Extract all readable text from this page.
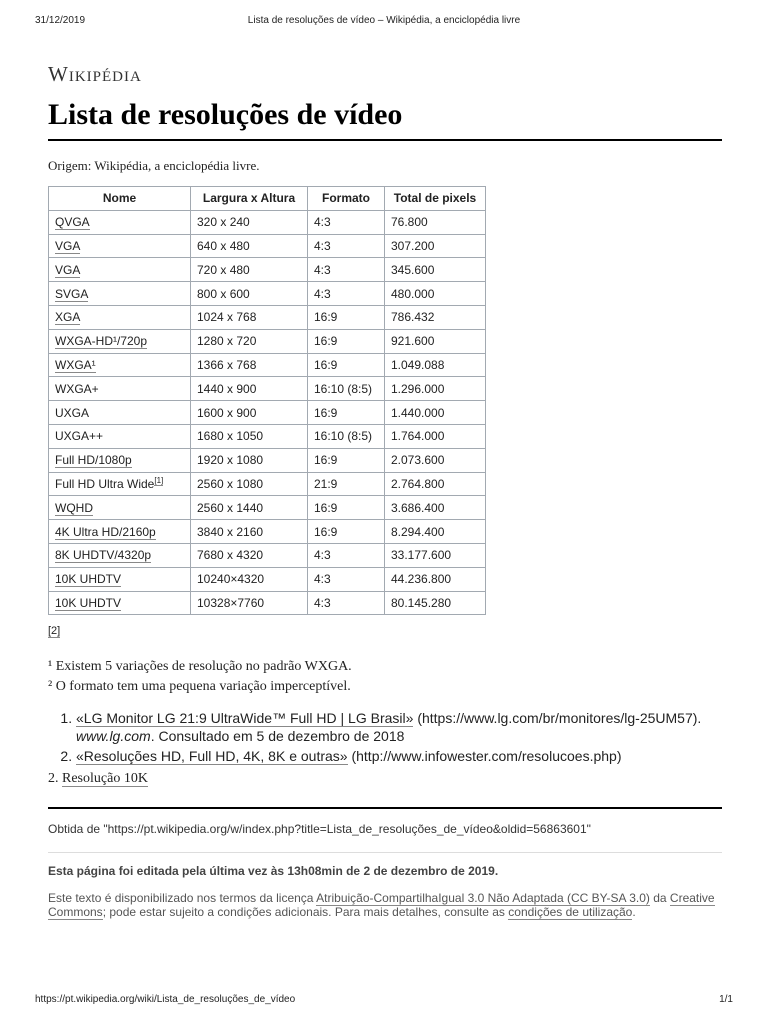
31/12/2019	Lista de resoluções de vídeo – Wikipédia, a enciclopédia livre
Wikipédia
Lista de resoluções de vídeo
Origem: Wikipédia, a enciclopédia livre.
Nome	Largura x Altura	Formato	Total de pixels
QVGA	320 x 240	4:3	76.800
VGA	640 x 480	4:3	307.200
VGA	720 x 480	4:3	345.600
SVGA	800 x 600	4:3	480.000
XGA	1024 x 768	16:9	786.432
WXGA-HD¹/720p	1280 x 720	16:9	921.600
WXGA¹	1366 x 768	16:9	1.049.088
WXGA+	1440 x 900	16:10 (8:5)	1.296.000
UXGA	1600 x 900	16:9	1.440.000
UXGA++	1680 x 1050	16:10 (8:5)	1.764.000
Full HD/1080p	1920 x 1080	16:9	2.073.600
Full HD Ultra Wide[1]	2560 x 1080	21:9	2.764.800
WQHD	2560 x 1440	16:9	3.686.400
4K Ultra HD/2160p	3840 x 2160	16:9	8.294.400
8K UHDTV/4320p	7680 x 4320	4:3	33.177.600
10K UHDTV	10240×4320	4:3	44.236.800
10K UHDTV	10328×7760	4:3	80.145.280
[2]
¹ Existem 5 variações de resolução no padrão WXGA.
² O formato tem uma pequena variação imperceptível.
1. «LG Monitor LG 21:9 UltraWide™ Full HD | LG Brasil» (https://www.lg.com/br/monitores/lg-25UM57). www.lg.com. Consultado em 5 de dezembro de 2018
2. «Resoluções HD, Full HD, 4K, 8K e outras» (http://www.infowester.com/resolucoes.php)
2. Resolução 10K
Obtida de "https://pt.wikipedia.org/w/index.php?title=Lista_de_resoluções_de_vídeo&oldid=56863601"
Esta página foi editada pela última vez às 13h08min de 2 de dezembro de 2019.
Este texto é disponibilizado nos termos da licença Atribuição-CompartilhaIgual 3.0 Não Adaptada (CC BY-SA 3.0) da Creative Commons; pode estar sujeito a condições adicionais. Para mais detalhes, consulte as condições de utilização.
https://pt.wikipedia.org/wiki/Lista_de_resoluções_de_vídeo	1/1
